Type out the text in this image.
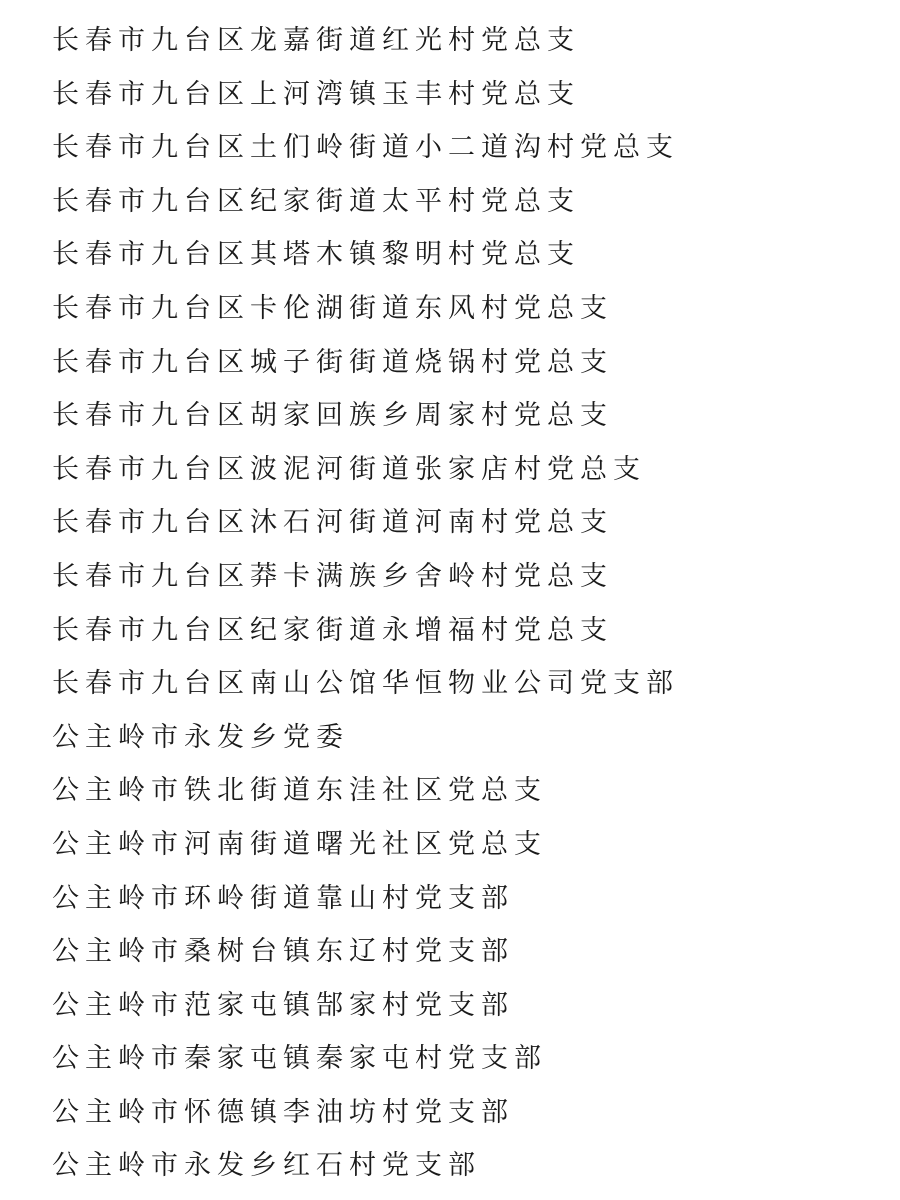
长春市九台区龙嘉街道红光村党总支
长春市九台区上河湾镇玉丰村党总支
长春市九台区土们岭街道小二道沟村党总支
长春市九台区纪家街道太平村党总支
长春市九台区其塔木镇黎明村党总支
长春市九台区卡伦湖街道东风村党总支
长春市九台区城子街街道烧锅村党总支
长春市九台区胡家回族乡周家村党总支
长春市九台区波泥河街道张家店村党总支
长春市九台区沐石河街道河南村党总支
长春市九台区莽卡满族乡舍岭村党总支
长春市九台区纪家街道永增福村党总支
长春市九台区南山公馆华恒物业公司党支部
公主岭市永发乡党委
公主岭市铁北街道东洼社区党总支
公主岭市河南街道曙光社区党总支
公主岭市环岭街道靠山村党支部
公主岭市桑树台镇东辽村党支部
公主岭市范家屯镇郜家村党支部
公主岭市秦家屯镇秦家屯村党支部
公主岭市怀德镇李油坊村党支部
公主岭市永发乡红石村党支部
